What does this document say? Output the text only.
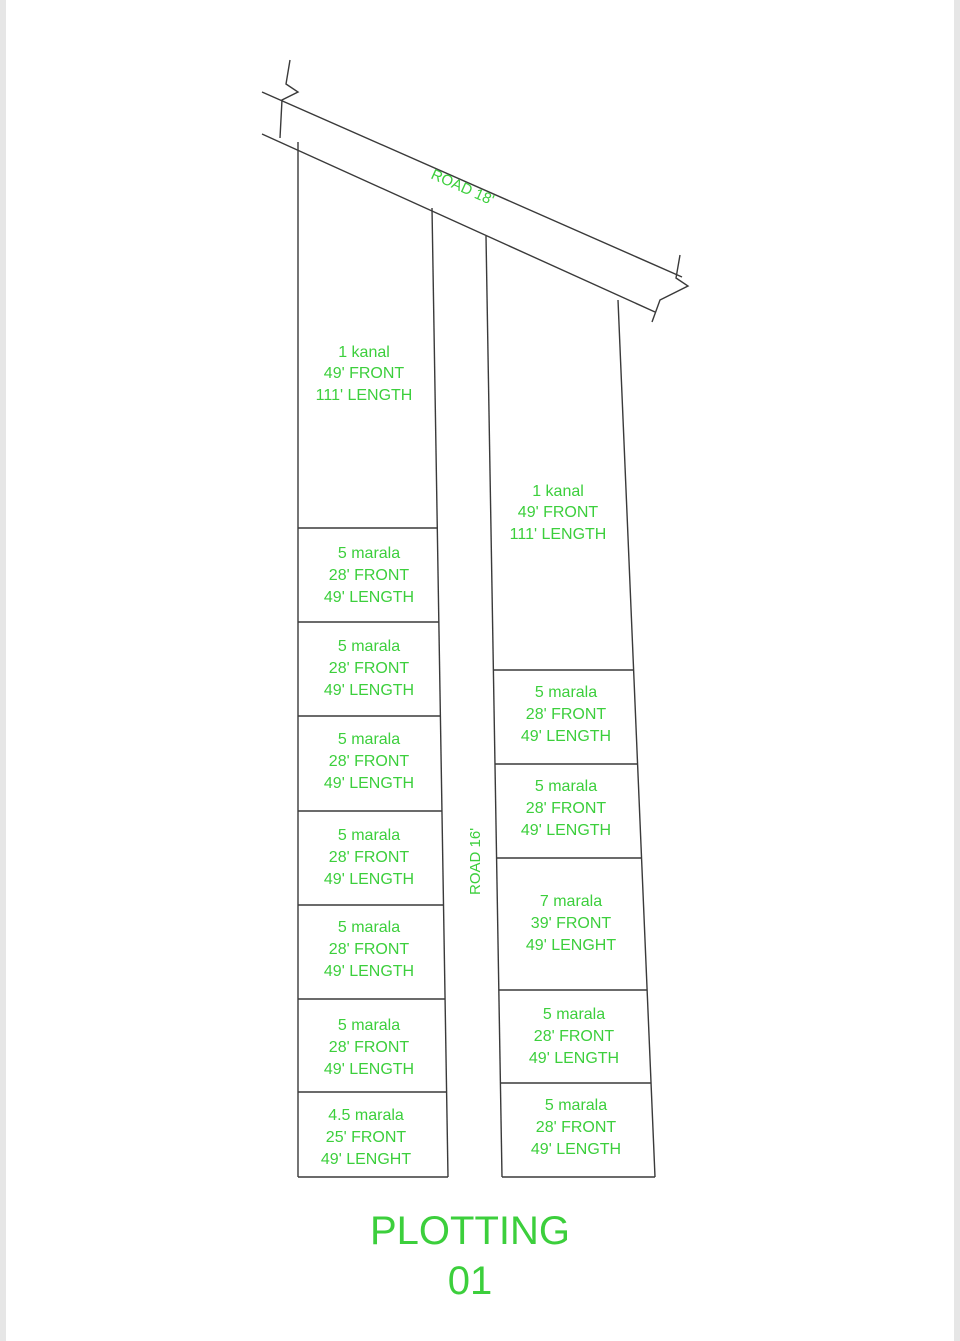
ROAD 18'
ROAD 16'
1 kanal
49' FRONT
111' LENGTH
5 marala
28' FRONT
49' LENGTH
5 marala
28' FRONT
49' LENGTH
5 marala
28' FRONT
49' LENGTH
5 marala
28' FRONT
49' LENGTH
5 marala
28' FRONT
49' LENGTH
5 marala
28' FRONT
49' LENGTH
4.5 marala
25' FRONT
49' LENGHT
1 kanal
49' FRONT
111' LENGTH
5 marala
28' FRONT
49' LENGTH
5 marala
28' FRONT
49' LENGTH
7 marala
39' FRONT
49' LENGHT
5 marala
28' FRONT
49' LENGTH
5 marala
28' FRONT
49' LENGTH
PLOTTING
01
